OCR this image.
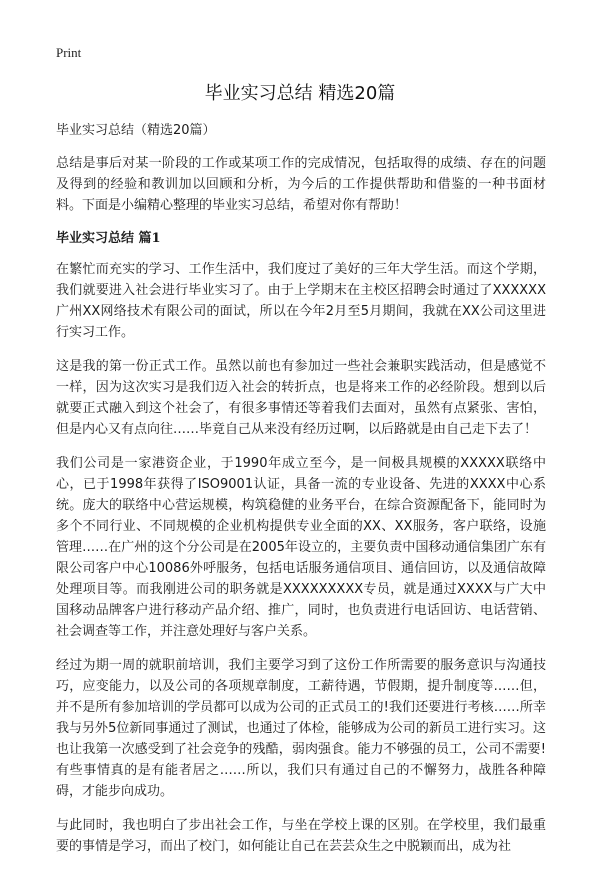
Print
毕业实习总结 精选20篇

毕业实习总结（精选20篇）

总结是事后对某一阶段的工作或某项工作的完成情况，包括取得的成绩、存在的问题及得到的经验和教训加以回顾和分析，为今后的工作提供帮助和借鉴的一种书面材料。下面是小编精心整理的毕业实习总结，希望对你有帮助！

毕业实习总结 篇1

在繁忙而充实的学习、工作生活中，我们度过了美好的三年大学生活。而这个学期，我们就要进入社会进行毕业实习了。由于上学期末在主校区招聘会时通过了XXXXXX广州XX网络技术有限公司的面试，所以在今年2月至5月期间，我就在XX公司这里进行实习工作。

这是我的第一份正式工作。虽然以前也有参加过一些社会兼职实践活动，但是感觉不一样，因为这次实习是我们迈入社会的转折点，也是将来工作的必经阶段。想到以后就要正式融入到这个社会了，有很多事情还等着我们去面对，虽然有点紧张、害怕，但是内心又有点向往……毕竟自己从来没有经历过啊，以后路就是由自己走下去了！

我们公司是一家港资企业，于1990年成立至今，是一间极具规模的XXXXX联络中心，已于1998年获得了ISO9001认证，具备一流的专业设备、先进的XXXX中心系统。庞大的联络中心营运规模，构筑稳健的业务平台，在综合资源配备下，能同时为多个不同行业、不同规模的企业机构提供专业全面的XX、XX服务，客户联络，设施管理……在广州的这个分公司是在2005年设立的，主要负责中国移动通信集团广东有限公司客户中心10086外呼服务，包括电话服务通信项目、通信回访，以及通信故障处理项目等。而我刚进公司的职务就是XXXXXXXXX专员，就是通过XXXX与广大中国移动品牌客户进行移动产品介绍、推广，同时，也负责进行电话回访、电话营销、社会调查等工作，并注意处理好与客户关系。

经过为期一周的就职前培训，我们主要学习到了这份工作所需要的服务意识与沟通技巧，应变能力，以及公司的各项规章制度，工薪待遇，节假期，提升制度等……但，并不是所有参加培训的学员都可以成为公司的正式员工的!我们还要进行考核……所幸我与另外5位新同事通过了测试，也通过了体检，能够成为公司的新员工进行实习。这也让我第一次感受到了社会竞争的残酷，弱肉强食。能力不够强的员工，公司不需要!有些事情真的是有能者居之……所以，我们只有通过自己的不懈努力，战胜各种障碍，才能步向成功。

与此同时，我也明白了步出社会工作，与坐在学校上课的区别。在学校里，我们最重要的事情是学习，而出了校门，如何能让自己在芸芸众生之中脱颖而出，成为社
